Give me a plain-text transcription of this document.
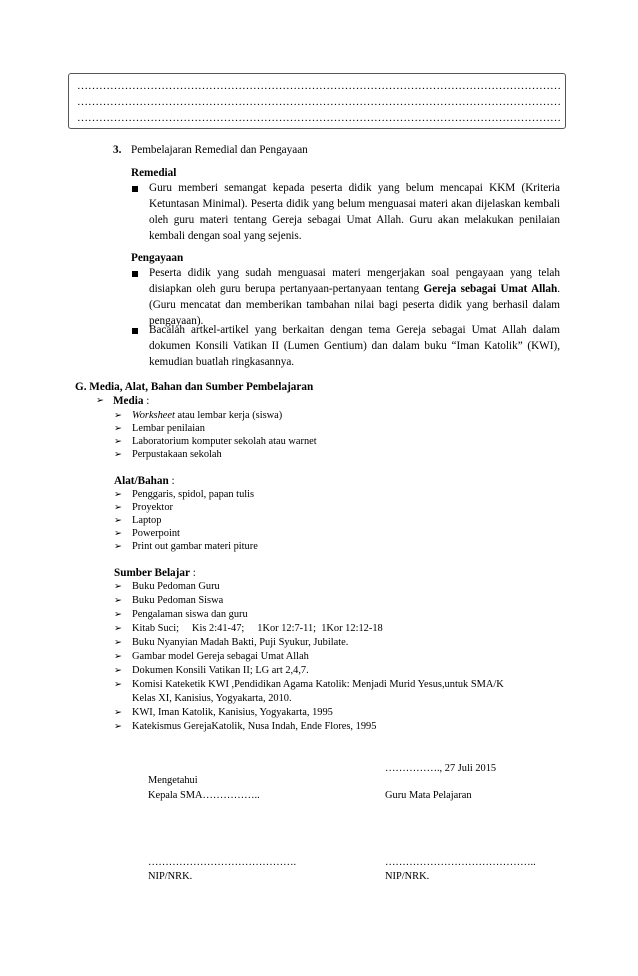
……………………………………………………………………………………………………………………
……………………………………………………………………………………………………………………
……………………………………………………………………………………………………………………
3. Pembelajaran Remedial dan Pengayaan
Remedial
Guru memberi semangat kepada peserta didik yang belum mencapai KKM (Kriteria Ketuntasan Minimal). Peserta didik yang belum menguasai materi akan dijelaskan kembali oleh guru materi tentang Gereja sebagai Umat Allah. Guru akan melakukan penilaian kembali dengan soal yang sejenis.
Pengayaan
Peserta didik yang sudah menguasai materi mengerjakan soal pengayaan yang telah disiapkan oleh guru berupa pertanyaan-pertanyaan tentang Gereja sebagai Umat Allah. (Guru mencatat dan memberikan tambahan nilai bagi peserta didik yang berhasil dalam pengayaan).
Bacalah artkel-artikel yang berkaitan dengan tema Gereja sebagai Umat Allah dalam dokumen Konsili Vatikan II (Lumen Gentium) dan dalam buku “Iman Katolik” (KWI), kemudian buatlah ringkasannya.
G. Media, Alat, Bahan dan Sumber Pembelajaran
➢ Media :
➢ Worksheet atau lembar kerja (siswa)
➢ Lembar penilaian
➢ Laboratorium komputer sekolah atau warnet
➢ Perpustakaan sekolah
Alat/Bahan :
➢ Penggaris, spidol, papan tulis
➢ Proyektor
➢ Laptop
➢ Powerpoint
➢ Print out gambar materi piture
Sumber Belajar :
➢ Buku Pedoman Guru
➢ Buku Pedoman Siswa
➢ Pengalaman siswa dan guru
➢ Kitab Suci;     Kis 2:41-47;     1Kor 12:7-11;  1Kor 12:12-18
➢ Buku Nyanyian Madah Bakti, Puji Syukur, Jubilate.
➢ Gambar model Gereja sebagai Umat Allah
➢ Dokumen Konsili Vatikan II; LG art 2,4,7.
➢ Komisi Kateketik KWI ,Pendidikan Agama Katolik: Menjadi Murid Yesus,untuk SMA/K
Kelas XI, Kanisius, Yogyakarta, 2010.
➢ KWI, Iman Katolik, Kanisius, Yogyakarta, 1995
➢ Katekismus GerejaKatolik, Nusa Indah, Ende Flores, 1995
……………., 27 Juli 2015
Mengetahui
Kepala SMA……………..	Guru Mata Pelajaran
…………………………………….	……………………………………..
NIP/NRK.	NIP/NRK.
